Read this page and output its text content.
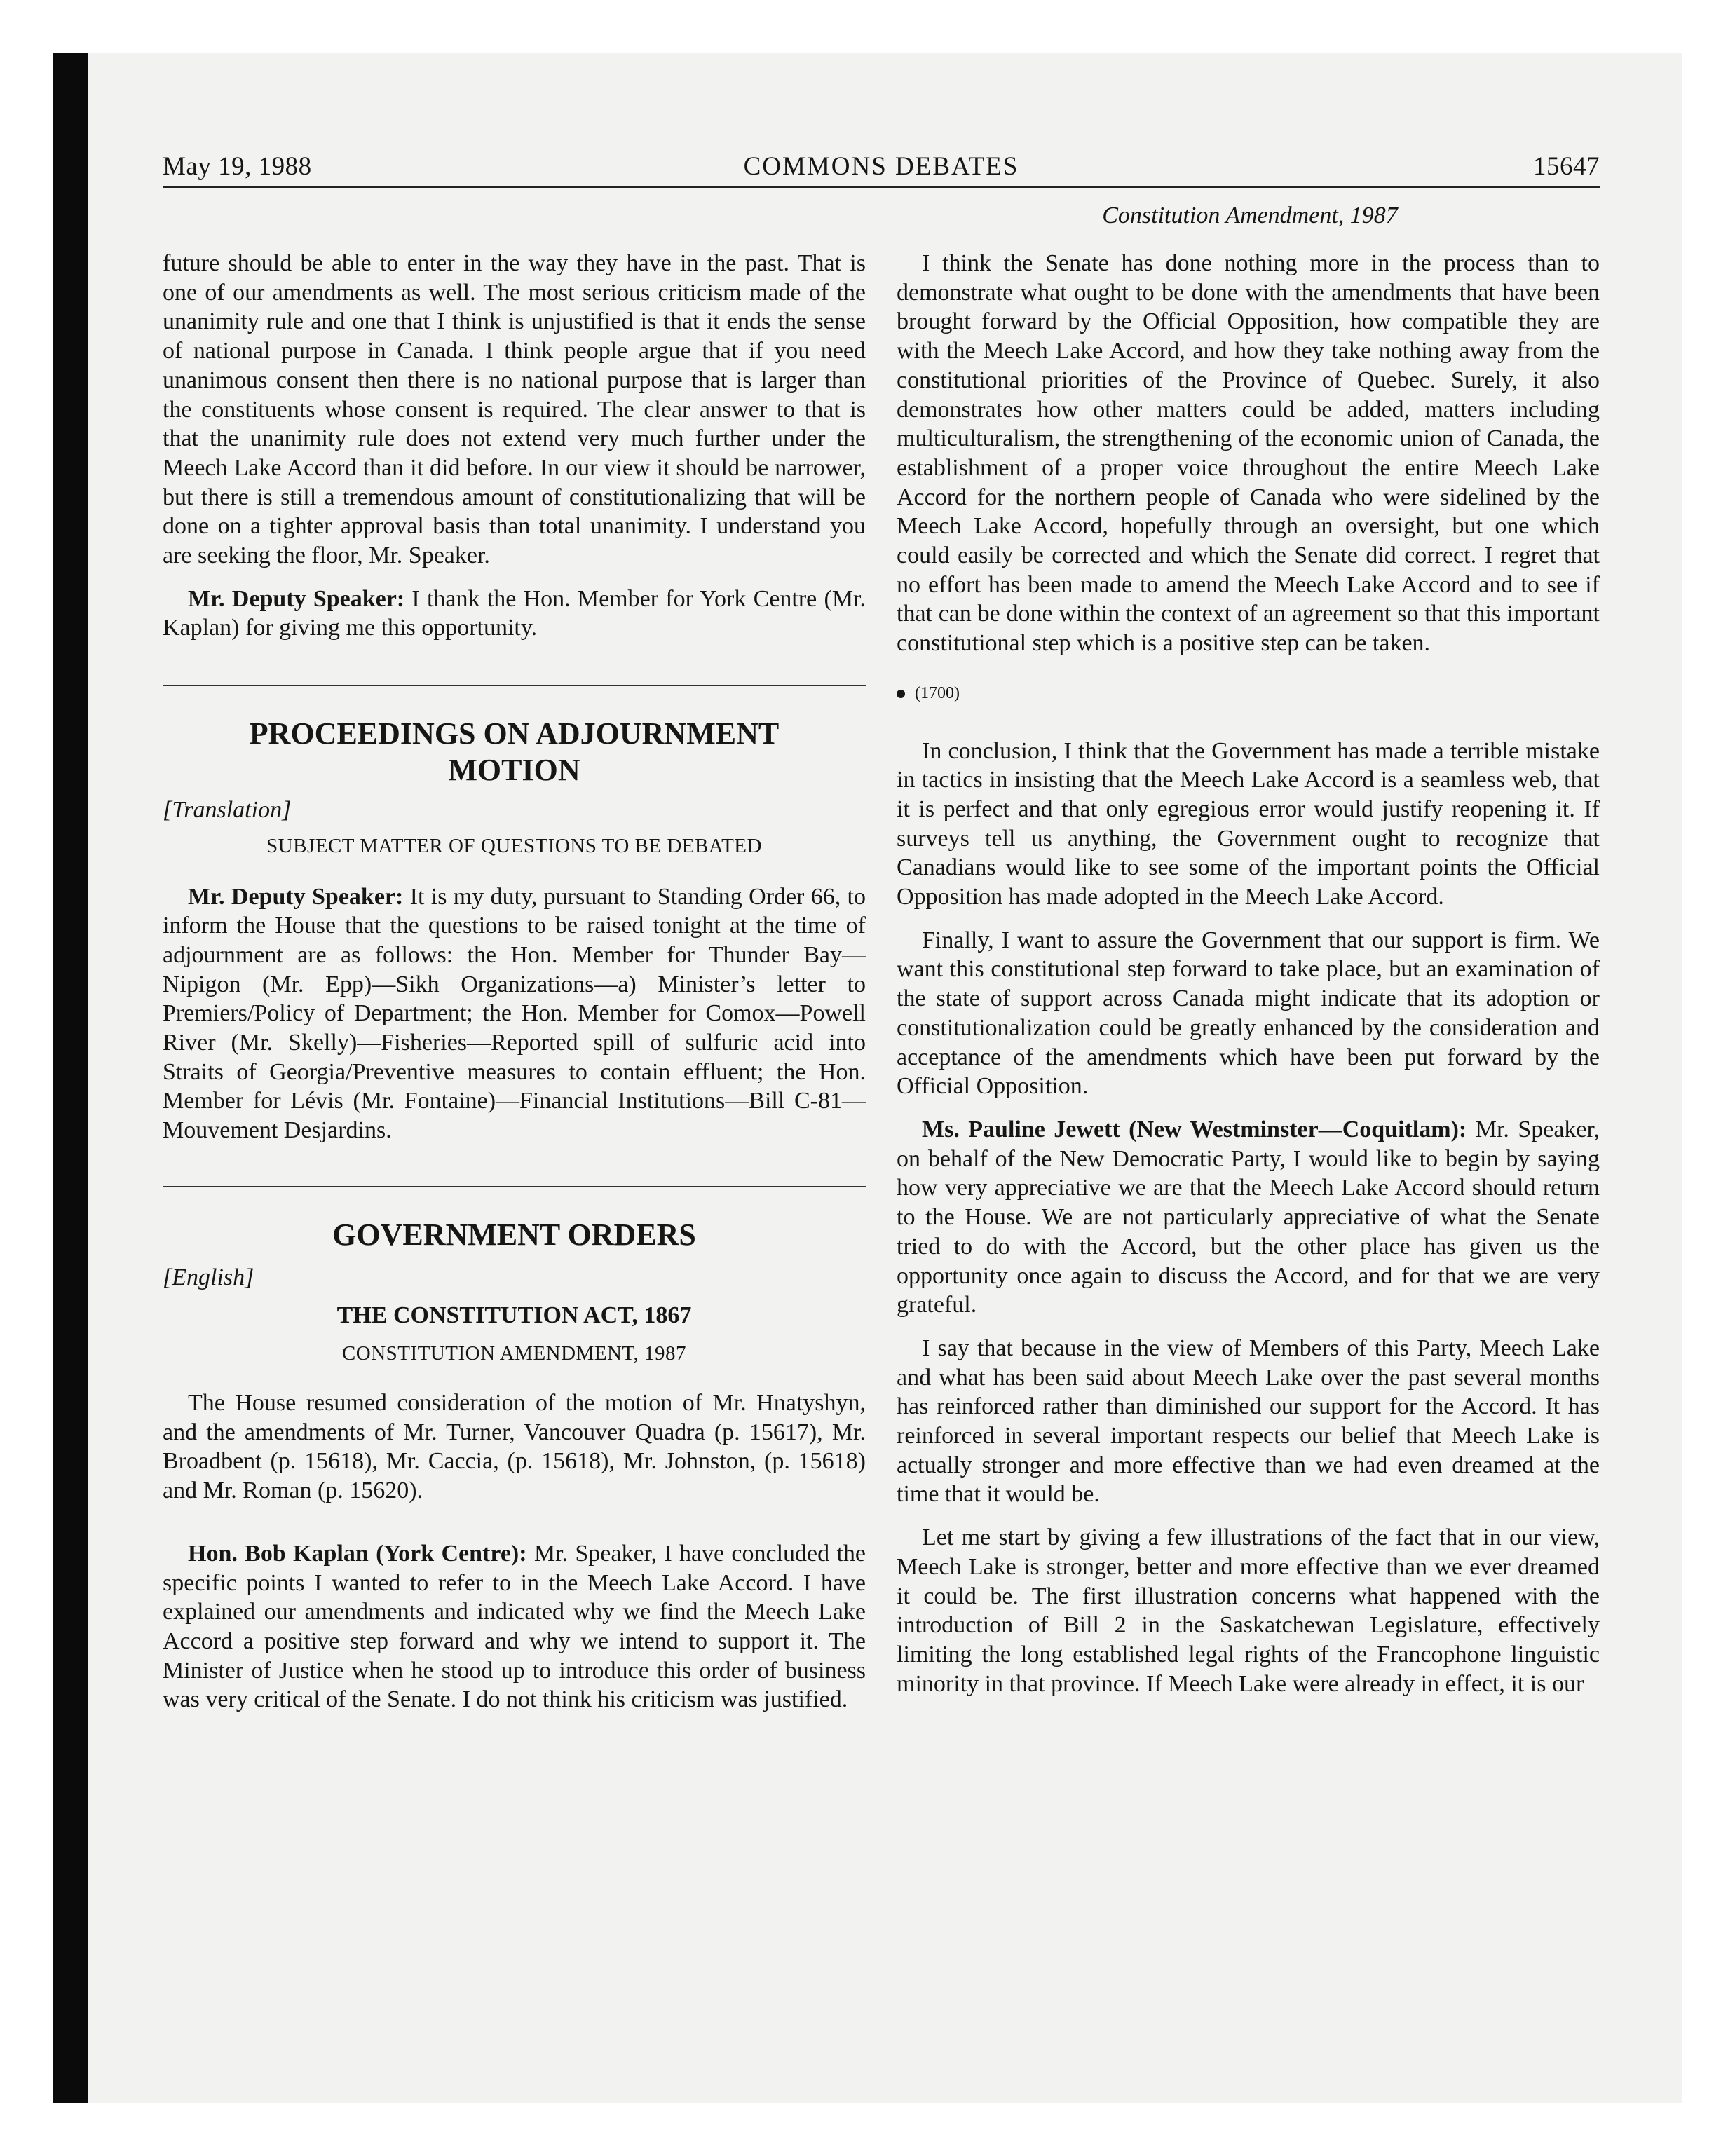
May 19, 1988	COMMONS DEBATES	15647
Constitution Amendment, 1987

future should be able to enter in the way they have in the past. That is one of our amendments as well. The most serious criticism made of the unanimity rule and one that I think is unjustified is that it ends the sense of national purpose in Canada. I think people argue that if you need unanimous consent then there is no national purpose that is larger than the constituents whose consent is required. The clear answer to that is that the unanimity rule does not extend very much further under the Meech Lake Accord than it did before. In our view it should be narrower, but there is still a tremendous amount of constitutionalizing that will be done on a tighter approval basis than total unanimity. I understand you are seeking the floor, Mr. Speaker.

Mr. Deputy Speaker: I thank the Hon. Member for York Centre (Mr. Kaplan) for giving me this opportunity.

PROCEEDINGS ON ADJOURNMENT MOTION

[Translation]

SUBJECT MATTER OF QUESTIONS TO BE DEBATED

Mr. Deputy Speaker: It is my duty, pursuant to Standing Order 66, to inform the House that the questions to be raised tonight at the time of adjournment are as follows: the Hon. Member for Thunder Bay—Nipigon (Mr. Epp)—Sikh Organizations—a) Minister’s letter to Premiers/Policy of Department; the Hon. Member for Comox—Powell River (Mr. Skelly)—Fisheries—Reported spill of sulfuric acid into Straits of Georgia/Preventive measures to contain effluent; the Hon. Member for Lévis (Mr. Fontaine)—Financial Institutions—Bill C-81—Mouvement Desjardins.

GOVERNMENT ORDERS

[English]

THE CONSTITUTION ACT, 1867

CONSTITUTION AMENDMENT, 1987

The House resumed consideration of the motion of Mr. Hnatyshyn, and the amendments of Mr. Turner, Vancouver Quadra (p. 15617), Mr. Broadbent (p. 15618), Mr. Caccia, (p. 15618), Mr. Johnston, (p. 15618) and Mr. Roman (p. 15620).

Hon. Bob Kaplan (York Centre): Mr. Speaker, I have concluded the specific points I wanted to refer to in the Meech Lake Accord. I have explained our amendments and indicated why we find the Meech Lake Accord a positive step forward and why we intend to support it. The Minister of Justice when he stood up to introduce this order of business was very critical of the Senate. I do not think his criticism was justified.

I think the Senate has done nothing more in the process than to demonstrate what ought to be done with the amendments that have been brought forward by the Official Opposition, how compatible they are with the Meech Lake Accord, and how they take nothing away from the constitutional priorities of the Province of Quebec. Surely, it also demonstrates how other matters could be added, matters including multiculturalism, the strengthening of the economic union of Canada, the establishment of a proper voice throughout the entire Meech Lake Accord for the northern people of Canada who were sidelined by the Meech Lake Accord, hopefully through an oversight, but one which could easily be corrected and which the Senate did correct. I regret that no effort has been made to amend the Meech Lake Accord and to see if that can be done within the context of an agreement so that this important constitutional step which is a positive step can be taken.

(1700)

In conclusion, I think that the Government has made a terrible mistake in tactics in insisting that the Meech Lake Accord is a seamless web, that it is perfect and that only egregious error would justify reopening it. If surveys tell us anything, the Government ought to recognize that Canadians would like to see some of the important points the Official Opposition has made adopted in the Meech Lake Accord.

Finally, I want to assure the Government that our support is firm. We want this constitutional step forward to take place, but an examination of the state of support across Canada might indicate that its adoption or constitutionalization could be greatly enhanced by the consideration and acceptance of the amendments which have been put forward by the Official Opposition.

Ms. Pauline Jewett (New Westminster—Coquitlam): Mr. Speaker, on behalf of the New Democratic Party, I would like to begin by saying how very appreciative we are that the Meech Lake Accord should return to the House. We are not particularly appreciative of what the Senate tried to do with the Accord, but the other place has given us the opportunity once again to discuss the Accord, and for that we are very grateful.

I say that because in the view of Members of this Party, Meech Lake and what has been said about Meech Lake over the past several months has reinforced rather than diminished our support for the Accord. It has reinforced in several important respects our belief that Meech Lake is actually stronger and more effective than we had even dreamed at the time that it would be.

Let me start by giving a few illustrations of the fact that in our view, Meech Lake is stronger, better and more effective than we ever dreamed it could be. The first illustration concerns what happened with the introduction of Bill 2 in the Saskatchewan Legislature, effectively limiting the long established legal rights of the Francophone linguistic minority in that province. If Meech Lake were already in effect, it is our
